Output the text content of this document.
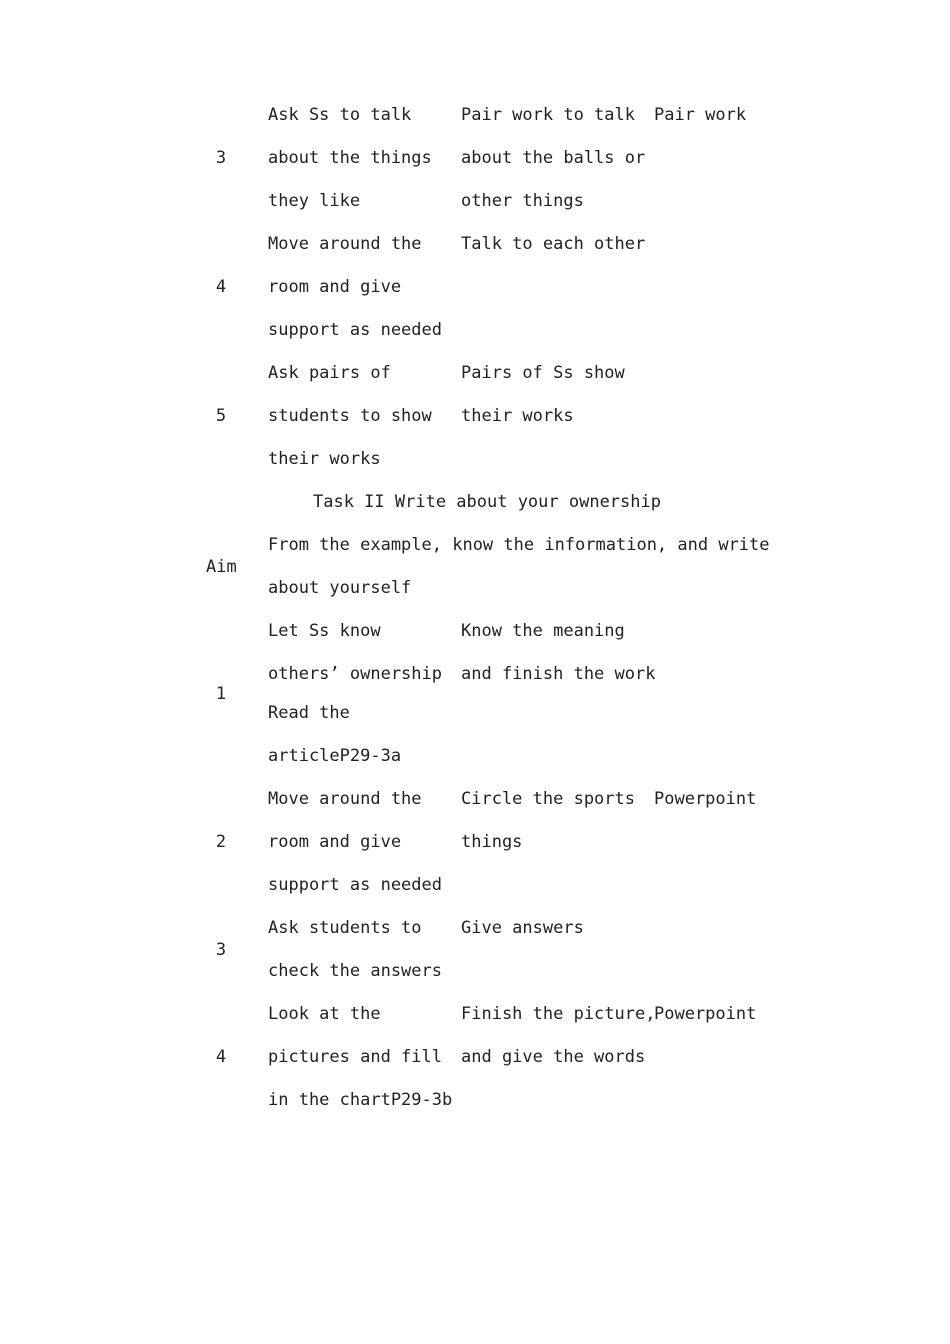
3
Ask Ss to talk
about the things
they like
Pair work to talk
about the balls or
other things
Pair work
4
Move around the
room and give
support as needed
Talk to each other
5
Ask pairs of
students to show
their works
Pairs of Ss show
their works
Task II Write about your ownership
Aim
From the example, know the information, and write
about yourself
1
Let Ss know
others’ ownership
Read the
articleP29-3a
Know the meaning
and finish the work
2
Move around the
room and give
support as needed
Circle the sports
things
Powerpoint
3
Ask students to
check the answers
Give answers
4
Look at the
pictures and fill
in the chartP29-3b
Finish the picture,
and give the words
Powerpoint
